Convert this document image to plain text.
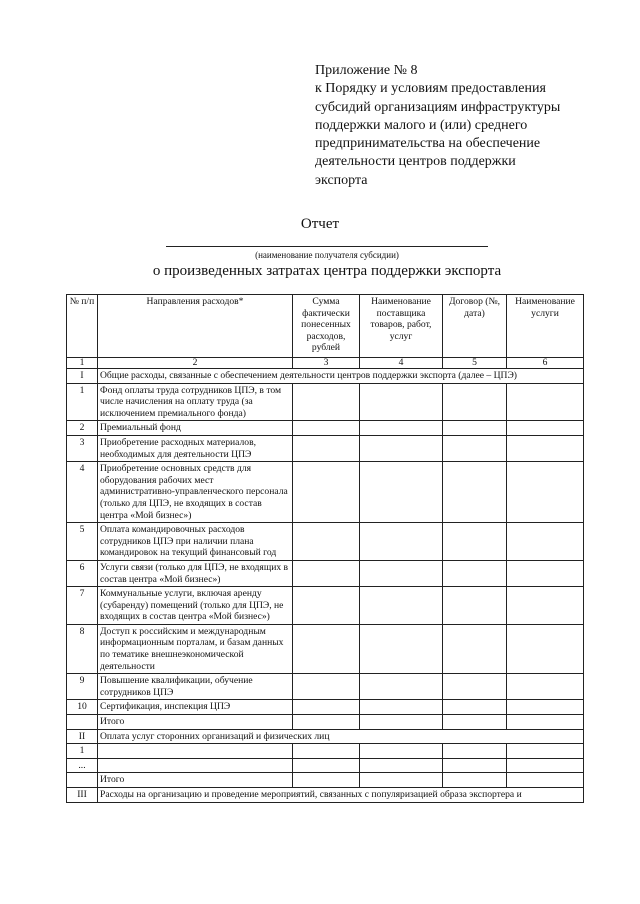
Приложение № 8
к Порядку и условиям предоставления
субсидий организациям инфраструктуры
поддержки малого и (или) среднего
предпринимательства на обеспечение
деятельности центров поддержки
экспорта
Отчет
(наименование получателя субсидии)
о произведенных затратах центра поддержки экспорта
№ п/п	Направления расходов*	Сумма фактически понесенных расходов, рублей	Наименование поставщика товаров, работ, услуг	Договор (№, дата)	Наименование услуги
1	2	3	4	5	6
I	Общие расходы, связанные с обеспечением деятельности центров поддержки экспорта (далее – ЦПЭ)				
1	Фонд оплаты труда сотрудников ЦПЭ, в том числе начисления на оплату труда (за исключением премиального фонда)				
2	Премиальный фонд				
3	Приобретение расходных материалов, необходимых для деятельности ЦПЭ				
4	Приобретение основных средств для оборудования рабочих мест административно-управленческого персонала (только для ЦПЭ, не входящих в состав центра «Мой бизнес»)				
5	Оплата командировочных расходов сотрудников ЦПЭ при наличии плана командировок на текущий финансовый год				
6	Услуги связи (только для ЦПЭ, не входящих в состав центра «Мой бизнес»)				
7	Коммунальные услуги, включая аренду (субаренду) помещений (только для ЦПЭ, не входящих в состав центра «Мой бизнес»)				
8	Доступ к российским и международным информационным порталам, и базам данных по тематике внешнеэкономической деятельности				
9	Повышение квалификации, обучение сотрудников ЦПЭ				
10	Сертификация, инспекция ЦПЭ				
	Итого				
II	Оплата услуг сторонних организаций и физических лиц				
1					
...					
	Итого				
III	Расходы на организацию и проведение мероприятий, связанных с популяризацией образа экспортера и				
